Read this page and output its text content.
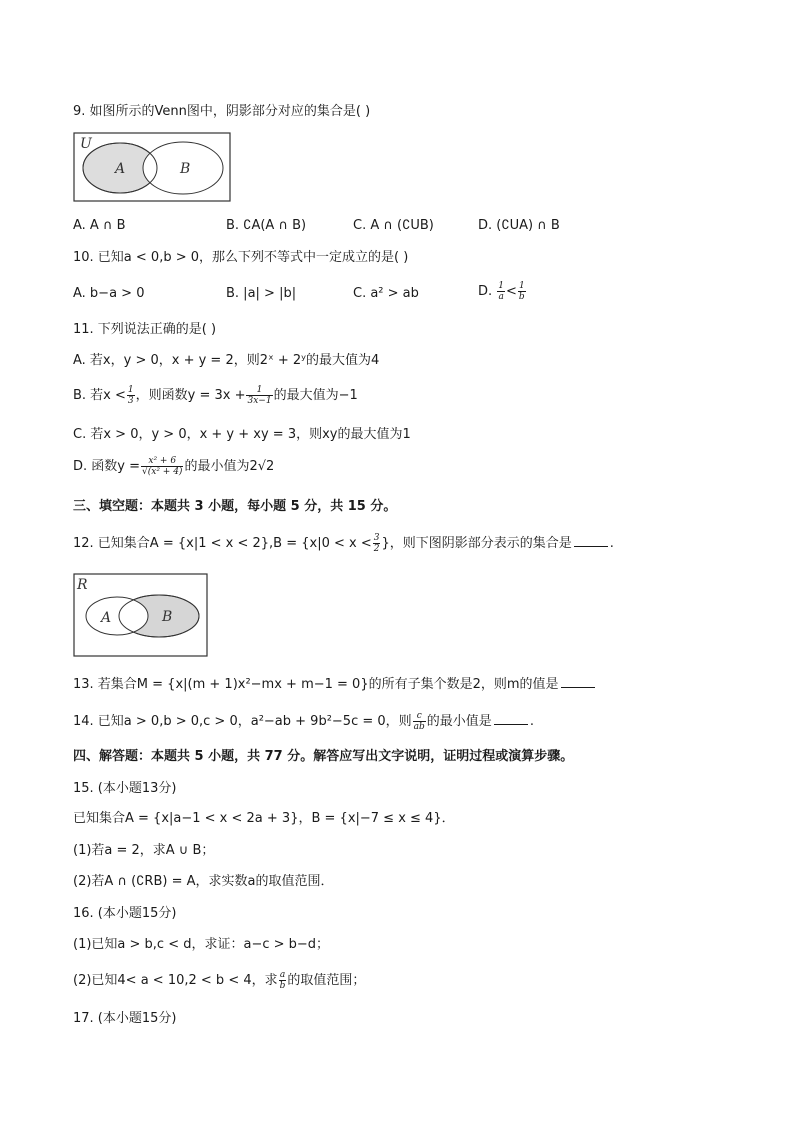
9. 如图所示的Venn图中，阴影部分对应的集合是( )
U
A	B
A. A ∩ B	B. ∁A(A ∩ B)	C. A ∩ (∁UB)	D. (∁UA) ∩ B
10. 已知a < 0,b > 0，那么下列不等式中一定成立的是( )
A. b−a > 0	B. |a| > |b|	C. a² > ab	D. $\frac{1}{a} < \frac{1}{b}$
11. 下列说法正确的是( )
A. 若x，y > 0，x + y = 2，则2ˣ + 2ʸ的最大值为4
B. 若$x < \frac{1}{3}$ ，则函数$y = 3x + \frac{1}{3x-1}$ 的最大值为−1
C. 若x > 0，y > 0，x + y + xy = 3，则xy的最大值为1
D. 函数$y = \frac{\text{x² + 6}}{\text{√(x² + 4)}}$ 的最小值为2√2
三、填空题：本题共 3 小题，每小题 5 分，共 15 分。
12. 已知集合$A = \{x|1 < x < 2\},B = \{x|0 < x < \frac{3}{2}$ }，则下图阴影部分表示的集合是	.
R
A	B
13. 若集合M = {x|(m + 1)x²−mx + m−1 = 0}的所有子集个数是2，则m的值是
14. 已知a > 0,b > 0,c > 0，a²−ab + 9b²−5c = 0，则 $\frac{c}{ab}$ 的最小值是	.
四、解答题：本题共 5 小题，共 77 分。解答应写出文字说明，证明过程或演算步骤。
15. (本小题13分)
已知集合A = {x|a−1 < x < 2a + 3}，B = {x|−7 ≤ x ≤ 4}．
(1)若a = 2，求A ∪ B；
(2)若A ∩ (∁RB) = A，求实数a的取值范围．
16. (本小题15分)
(1)已知a > b,c < d，求证：a−c > b−d；
(2)已知4< a < 10,2 < b < 4，求 $\frac{a}{b}$ 的取值范围；
17. (本小题15分)
